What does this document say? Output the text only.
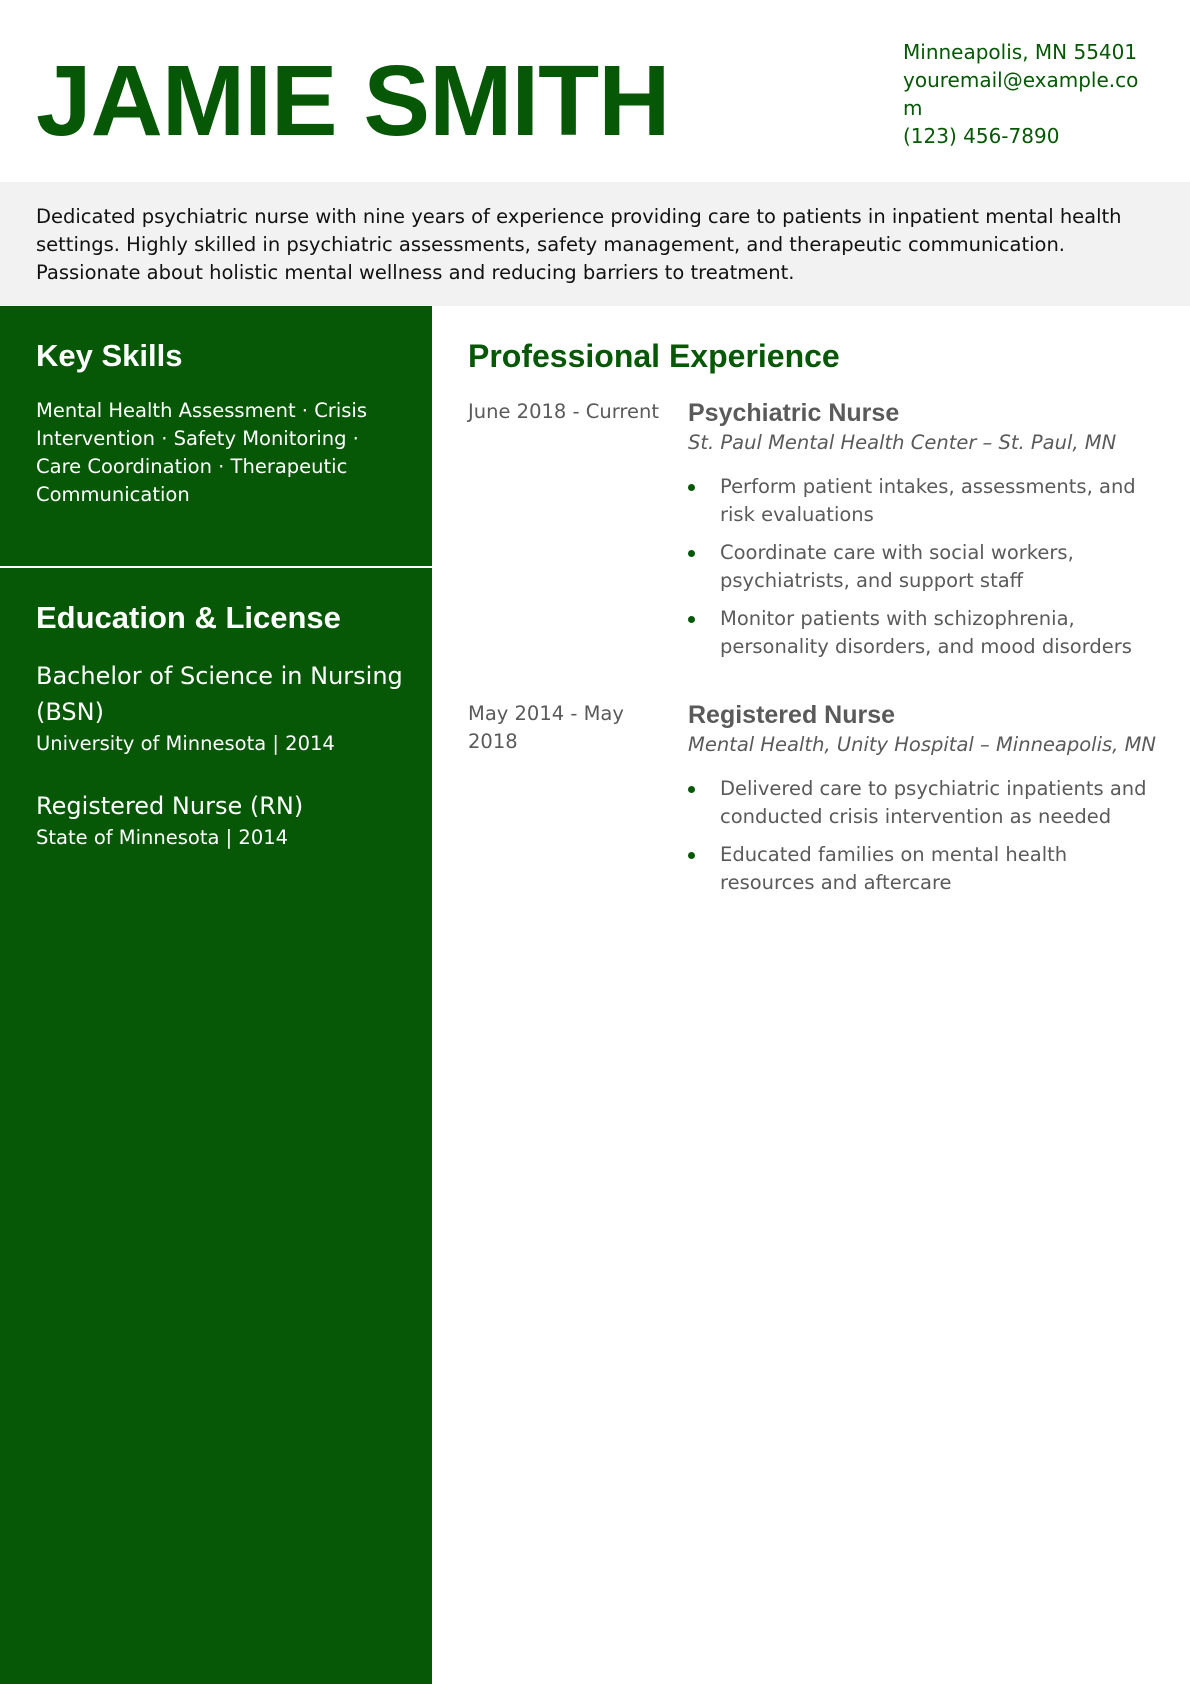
JAMIE SMITH	Minneapolis, MN 55401
youremail@example.com
(123) 456-7890
Dedicated psychiatric nurse with nine years of experience providing care to patients in inpatient mental health settings. Highly skilled in psychiatric assessments, safety management, and therapeutic communication. Passionate about holistic mental wellness and reducing barriers to treatment.
Key Skills
Mental Health Assessment · Crisis Intervention · Safety Monitoring · Care Coordination · Therapeutic Communication
Education & License
Bachelor of Science in Nursing (BSN)
University of Minnesota | 2014
Registered Nurse (RN)
State of Minnesota | 2014
Professional Experience
June 2018 - Current	Psychiatric Nurse
St. Paul Mental Health Center – St. Paul, MN
Perform patient intakes, assessments, and risk evaluations
Coordinate care with social workers, psychiatrists, and support staff
Monitor patients with schizophrenia, personality disorders, and mood disorders
May 2014 - May 2018
Registered Nurse
Mental Health, Unity Hospital – Minneapolis, MN
Delivered care to psychiatric inpatients and conducted crisis intervention as needed
Educated families on mental health resources and aftercare
